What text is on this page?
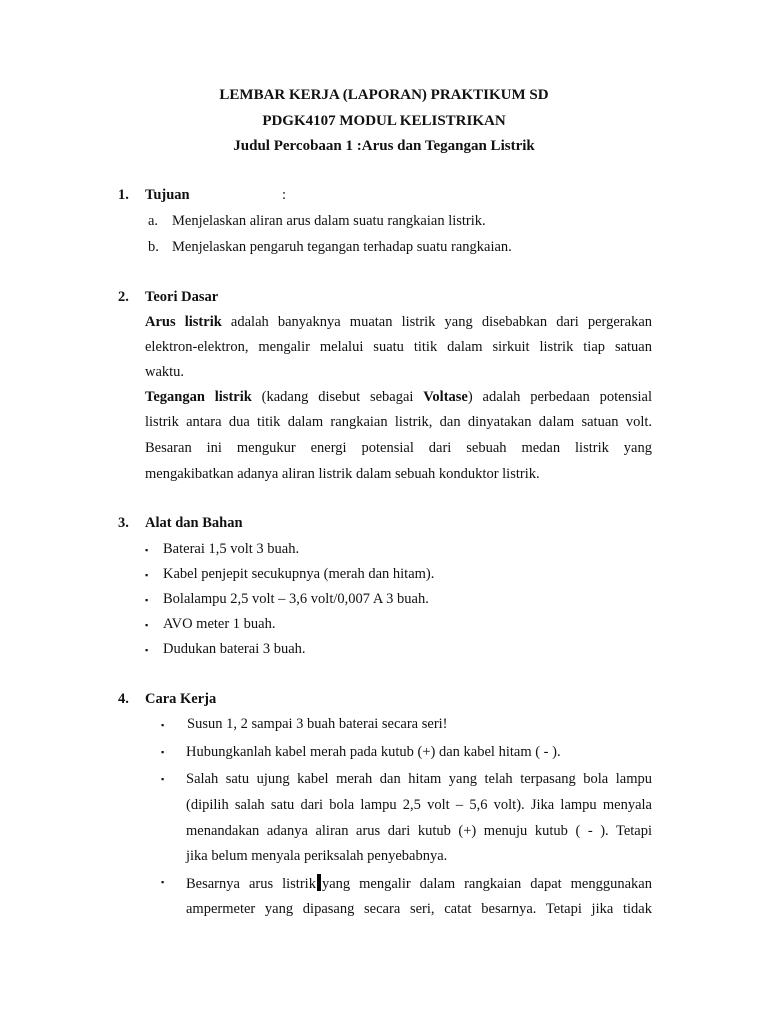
LEMBAR KERJA (LAPORAN) PRAKTIKUM SD
PDGK4107 MODUL KELISTRIKAN
Judul Percobaan 1 :Arus dan Tegangan Listrik
1. Tujuan	:
a. Menjelaskan aliran arus dalam suatu rangkaian listrik.
b. Menjelaskan pengaruh tegangan terhadap suatu rangkaian.
2. Teori Dasar
Arus listrik adalah banyaknya muatan listrik yang disebabkan dari pergerakan
elektron-elektron, mengalir melalui suatu titik dalam sirkuit listrik tiap satuan
waktu.
Tegangan listrik (kadang disebut sebagai Voltase) adalah perbedaan potensial
listrik antara dua titik dalam rangkaian listrik, dan dinyatakan dalam satuan volt.
Besaran ini mengukur energi potensial dari sebuah medan listrik yang
mengakibatkan adanya aliran listrik dalam sebuah konduktor listrik.
3. Alat dan Bahan
▪ Baterai 1,5 volt 3 buah.
▪ Kabel penjepit secukupnya (merah dan hitam).
▪ Bolalampu 2,5 volt – 3,6 volt/0,007 A 3 buah.
▪ AVO meter 1 buah.
▪ Dudukan baterai 3 buah.
4. Cara Kerja
▪ Susun 1, 2 sampai 3 buah baterai secara seri!
▪ Hubungkanlah kabel merah pada kutub (+) dan kabel hitam ( - ).
▪ Salah satu ujung kabel merah dan hitam yang telah terpasang bola lampu
(dipilih salah satu dari bola lampu 2,5 volt – 5,6 volt). Jika lampu menyala
menandakan adanya aliran arus dari kutub (+) menuju kutub ( - ). Tetapi
jika belum menyala periksalah penyebabnya.
▪ Besarnya arus listrik yang mengalir dalam rangkaian dapat menggunakan
ampermeter yang dipasang secara seri, catat besarnya. Tetapi jika tidak
